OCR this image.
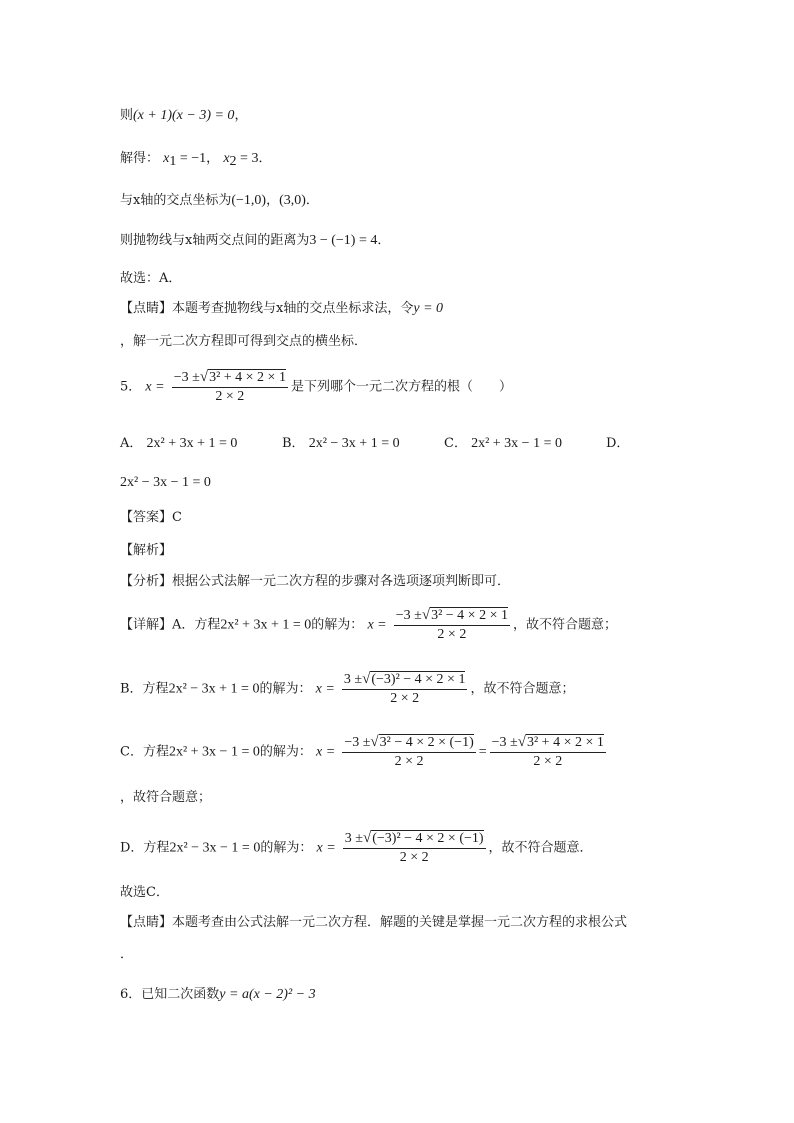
则(x + 1)(x − 3) = 0，
解得： $x_1 = -1$， $x_2 = 3$．
与x轴的交点坐标为(−1,0)，(3,0)．
则抛物线与x轴两交点间的距离为3 − (−1) = 4．
故选：A．
【点睛】本题考查抛物线与x轴的交点坐标求法，令y = 0
，解一元二次方程即可得到交点的横坐标．
5． $x = \frac{\text{−3 ±√3² + 4 × 2 × 1}}{2 \times 2}$ 是下列哪个一元二次方程的根（　　）
A． 2x² + 3x + 1 = 0	B． 2x² − 3x + 1 = 0	C． 2x² + 3x − 1 = 0	D．
2x² − 3x − 1 = 0
【答案】C
【解析】
【分析】根据公式法解一元二次方程的步骤对各选项逐项判断即可．
【详解】A．方程2x² + 3x + 1 = 0的解为： $x = \frac{\text{−3 ±√3² − 4 × 2 × 1}}{2 \times 2}$ ，故不符合题意；
B．方程2x² − 3x + 1 = 0的解为： $x = \frac{\text{3 ±√(−3)² − 4 × 2 × 1}}{2 \times 2}$ ，故不符合题意；
C．方程2x² + 3x − 1 = 0的解为： $x = \frac{\text{−3 ±√3² − 4 × 2 × (−1)}}{2 \times 2} = \frac{\text{−3 ±√3² + 4 × 2 × 1}}{2 \times 2}$
，故符合题意；
D．方程2x² − 3x − 1 = 0的解为： $x = \frac{\text{3 ±√(−3)² − 4 × 2 × (−1)}}{2 \times 2}$ ，故不符合题意．
故选C．
【点睛】本题考查由公式法解一元二次方程．解题的关键是掌握一元二次方程的求根公式
．
6．已知二次函数y = a(x − 2)² − 3
